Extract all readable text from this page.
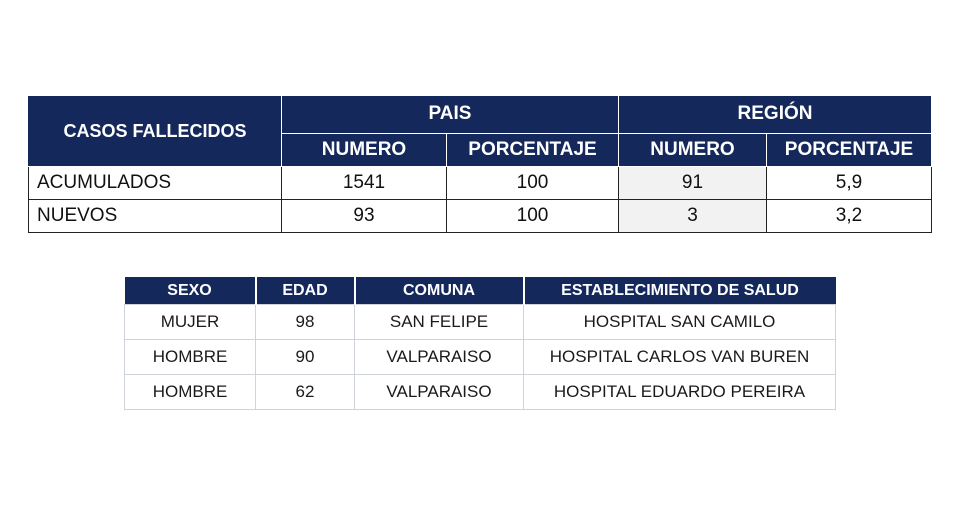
CASOS FALLECIDOS	PAIS		REGIÓN	
	NUMERO	PORCENTAJE	NUMERO	PORCENTAJE
ACUMULADOS	1541	100	91	5,9
NUEVOS	93	100	3	3,2
SEXO	EDAD	COMUNA	ESTABLECIMIENTO DE SALUD
MUJER	98	SAN FELIPE	HOSPITAL SAN CAMILO
HOMBRE	90	VALPARAISO	HOSPITAL CARLOS VAN BUREN
HOMBRE	62	VALPARAISO	HOSPITAL EDUARDO PEREIRA
